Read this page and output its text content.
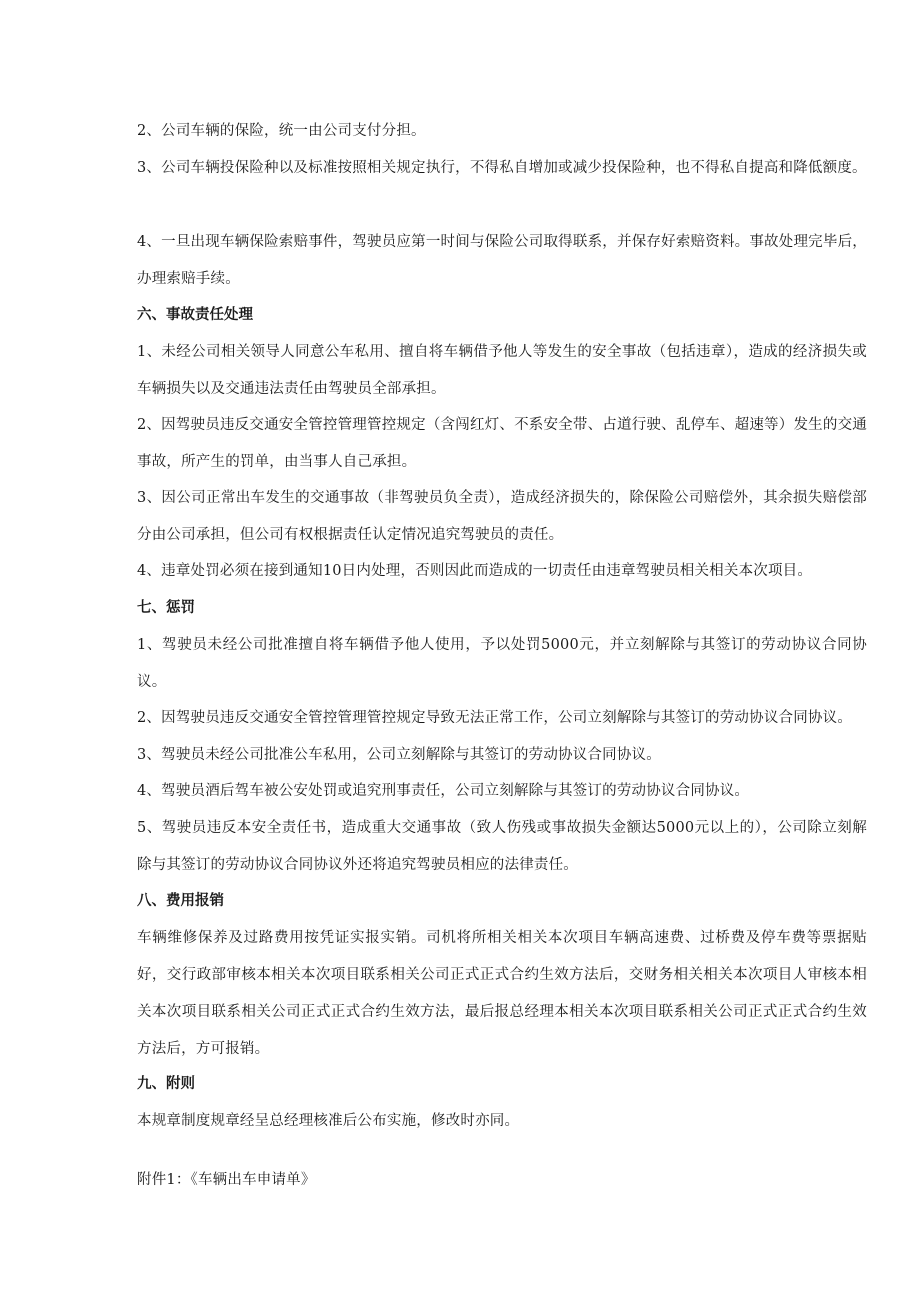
2、公司车辆的保险，统一由公司支付分担。

3、公司车辆投保险种以及标准按照相关规定执行，不得私自增加或减少投保险种，也不得私自提高和降低额度。

4、一旦出现车辆保险索赔事件，驾驶员应第一时间与保险公司取得联系，并保存好索赔资料。事故处理完毕后，办理索赔手续。

六、事故责任处理

1、未经公司相关领导人同意公车私用、擅自将车辆借予他人等发生的安全事故（包括违章），造成的经济损失或车辆损失以及交通违法责任由驾驶员全部承担。

2、因驾驶员违反交通安全管控管理管控规定（含闯红灯、不系安全带、占道行驶、乱停车、超速等）发生的交通事故，所产生的罚单，由当事人自己承担。

3、因公司正常出车发生的交通事故（非驾驶员负全责），造成经济损失的，除保险公司赔偿外，其余损失赔偿部分由公司承担，但公司有权根据责任认定情况追究驾驶员的责任。

4、违章处罚必须在接到通知10日内处理，否则因此而造成的一切责任由违章驾驶员相关相关本次项目。

七、惩罚

1、驾驶员未经公司批准擅自将车辆借予他人使用，予以处罚5000元，并立刻解除与其签订的劳动协议合同协议。

2、因驾驶员违反交通安全管控管理管控规定导致无法正常工作，公司立刻解除与其签订的劳动协议合同协议。

3、驾驶员未经公司批准公车私用，公司立刻解除与其签订的劳动协议合同协议。

4、驾驶员酒后驾车被公安处罚或追究刑事责任，公司立刻解除与其签订的劳动协议合同协议。

5、驾驶员违反本安全责任书，造成重大交通事故（致人伤残或事故损失金额达5000元以上的），公司除立刻解除与其签订的劳动协议合同协议外还将追究驾驶员相应的法律责任。

八、费用报销

车辆维修保养及过路费用按凭证实报实销。司机将所相关相关本次项目车辆高速费、过桥费及停车费等票据贴好，交行政部审核本相关本次项目联系相关公司正式正式合约生效方法后，交财务相关相关本次项目人审核本相关本次项目联系相关公司正式正式合约生效方法，最后报总经理本相关本次项目联系相关公司正式正式合约生效方法后，方可报销。

九、附则

本规章制度规章经呈总经理核准后公布实施，修改时亦同。

附件1：《车辆出车申请单》
